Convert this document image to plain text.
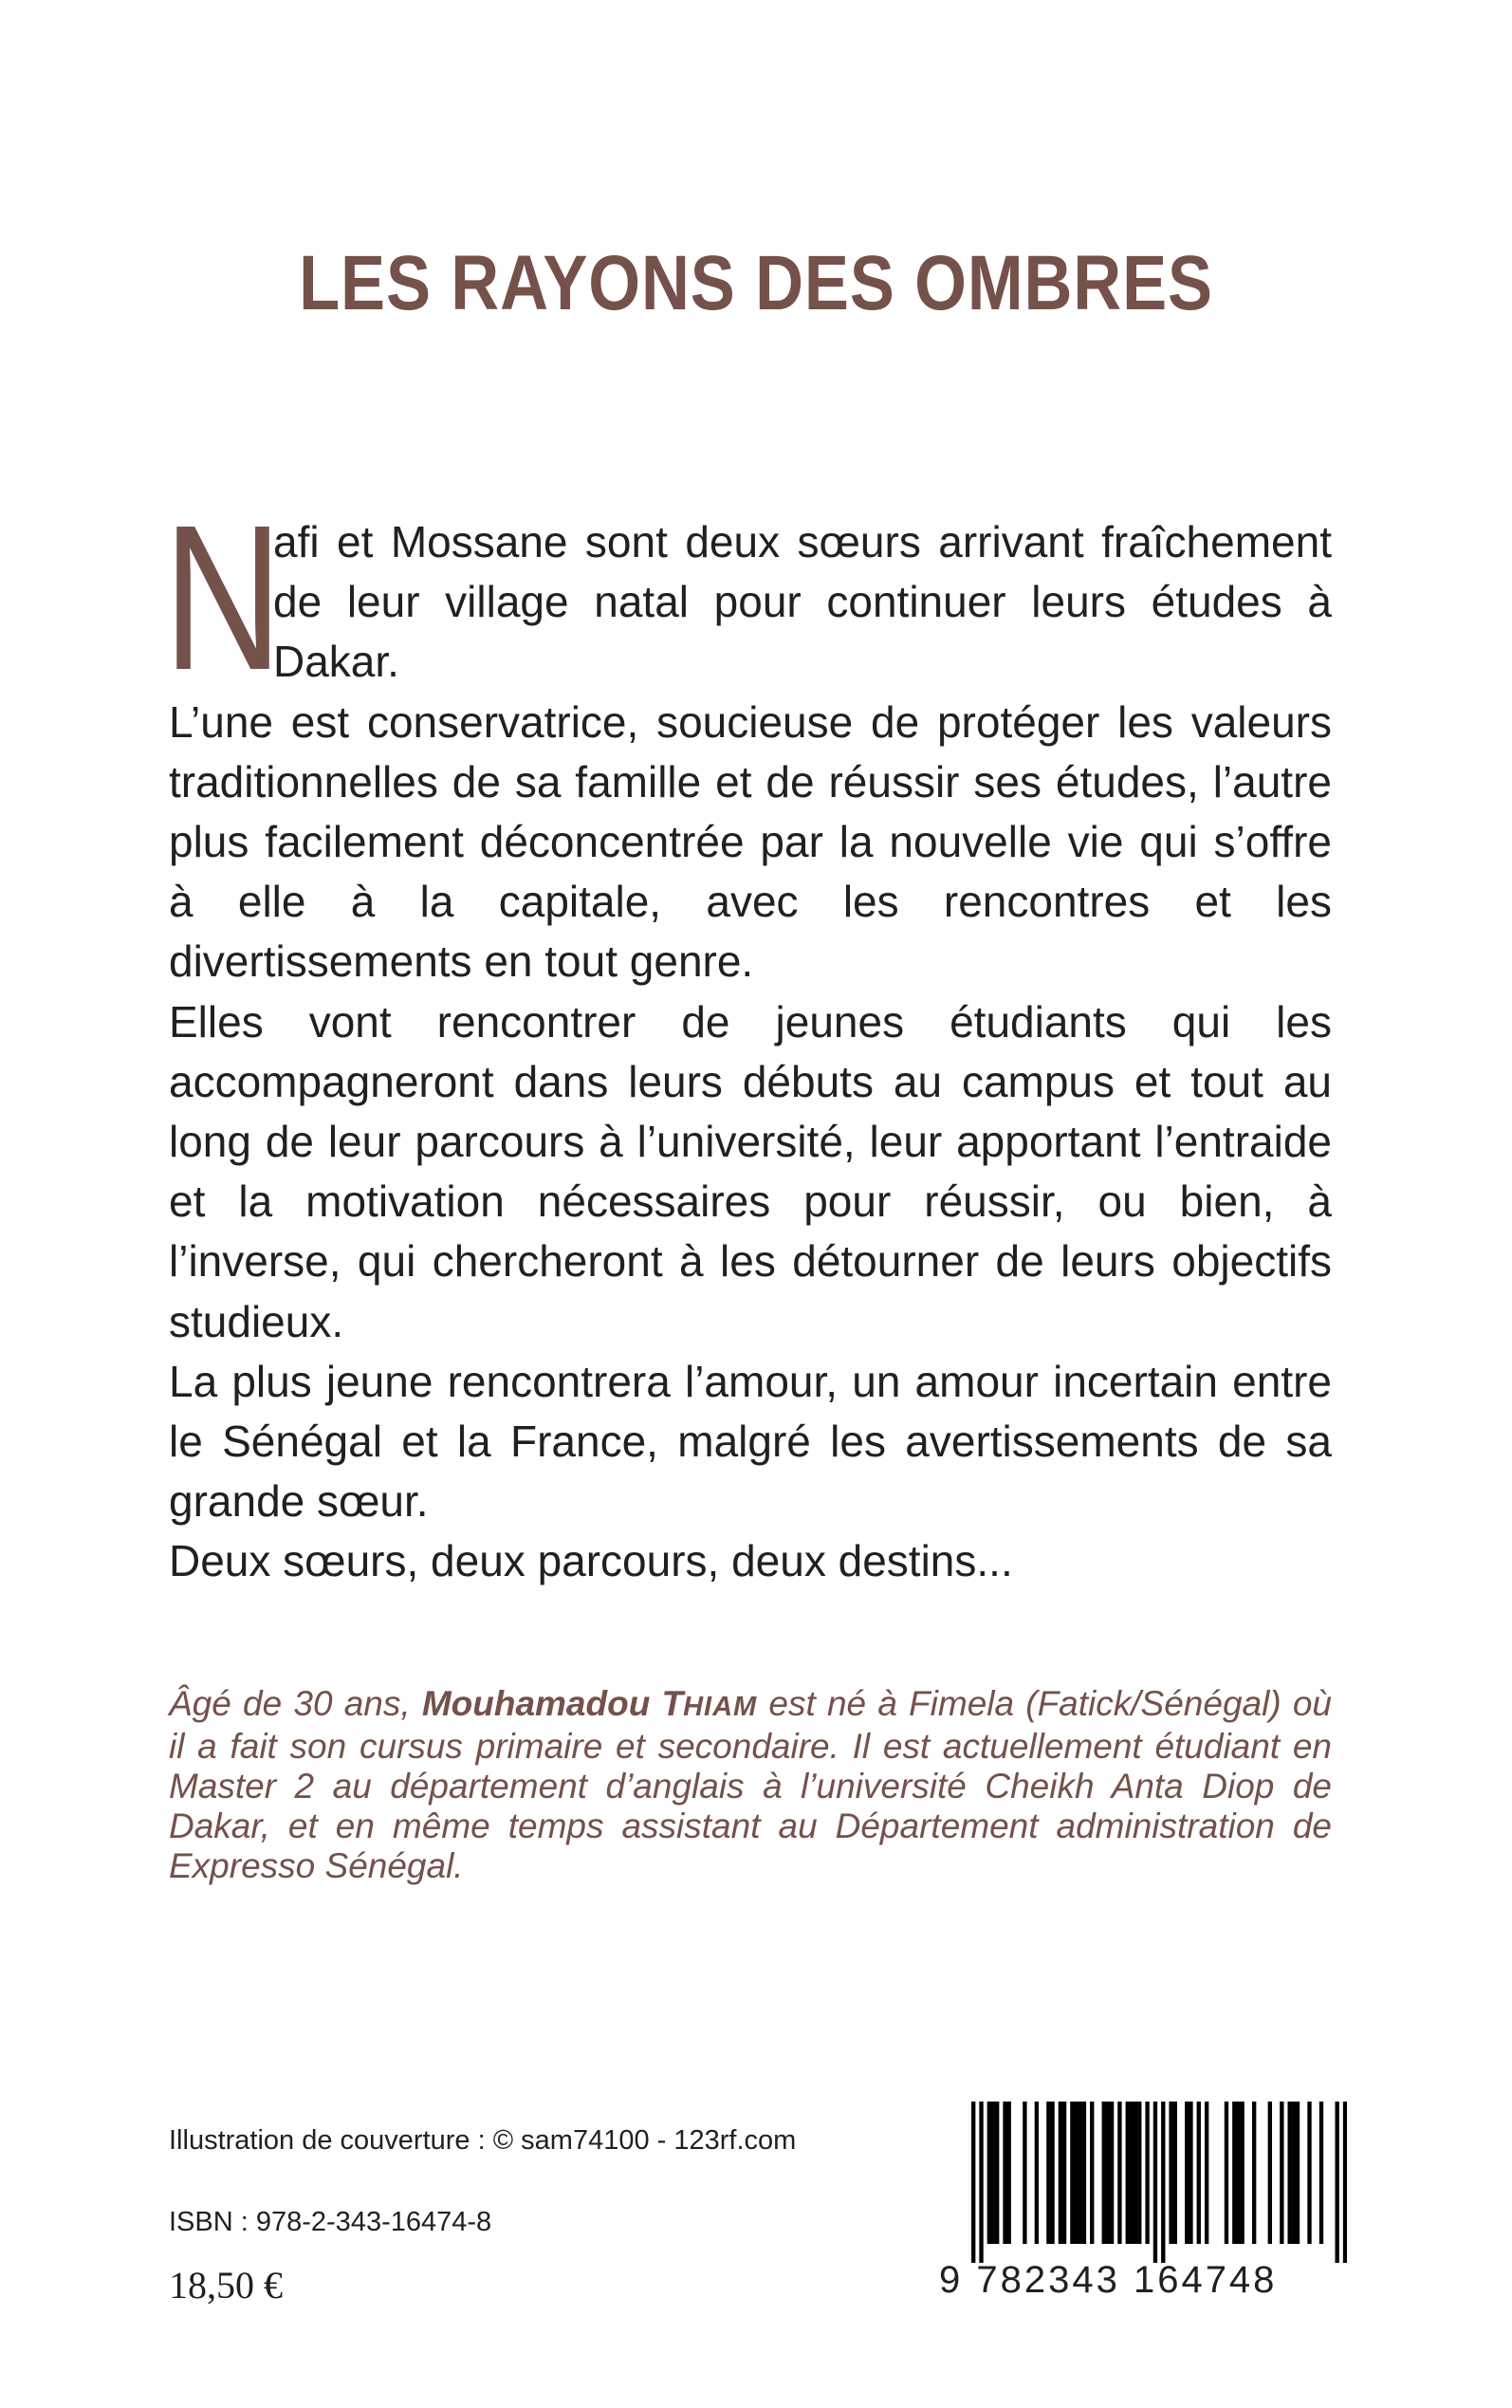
LES RAYONS DES OMBRES

N
afi et Mossane sont deux sœurs arrivant fraîchement de leur village natal pour continuer leurs études à Dakar.

L’une est conservatrice, soucieuse de protéger les valeurs traditionnelles de sa famille et de réussir ses études, l’autre plus facilement déconcentrée par la nouvelle vie qui s’offre à elle à la capitale, avec les rencontres et les divertissements en tout genre.

Elles vont rencontrer de jeunes étudiants qui les accompagneront dans leurs débuts au campus et tout au long de leur parcours à l’université, leur apportant l’entraide et la motivation nécessaires pour réussir, ou bien, à l’inverse, qui chercheront à les détourner de leurs objectifs studieux.

La plus jeune rencontrera l’amour, un amour incertain entre le Sénégal et la France, malgré les avertissements de sa grande sœur.

Deux sœurs, deux parcours, deux destins...

Âgé de 30 ans, Mouhamadou THIAM est né à Fimela (Fatick/Sénégal) où il a fait son cursus primaire et secondaire. Il est actuellement étudiant en Master 2 au département d’anglais à l’université Cheikh Anta Diop de Dakar, et en même temps assistant au Département administration de Expresso Sénégal.

Illustration de couverture : © sam74100 - 123rf.com

ISBN : 978-2-343-16474-8

18,50 €	9 782343 164748
